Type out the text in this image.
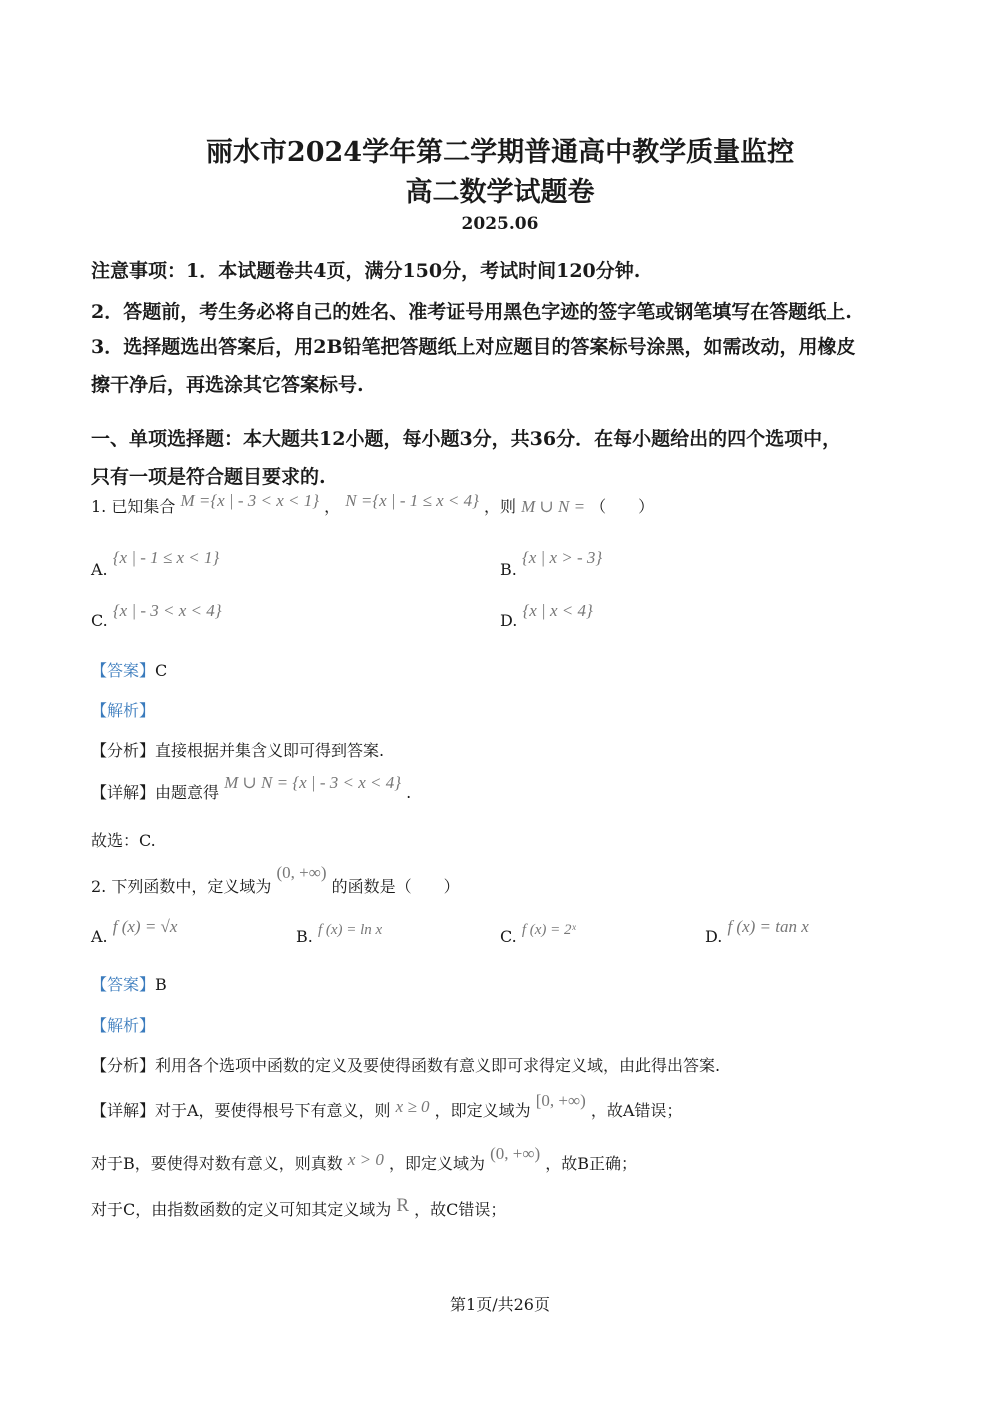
丽水市2024学年第二学期普通高中教学质量监控
高二数学试题卷
2025.06
注意事项：1．本试题卷共4页，满分150分，考试时间120分钟.
2．答题前，考生务必将自己的姓名、准考证号用黑色字迹的签字笔或钢笔填写在答题纸上.
3．选择题选出答案后，用2B铅笔把答题纸上对应题目的答案标号涂黑，如需改动，用橡皮
擦干净后，再选涂其它答案标号.
一、单项选择题：本大题共12小题，每小题3分，共36分．在每小题给出的四个选项中，
只有一项是符合题目要求的.
1. 已知集合 M ={x | - 3 < x < 1} ， N ={x | - 1 ≤ x < 4} ，则 M ∪ N = （　　）
A. {x | - 1 ≤ x < 1}
B. {x | x > - 3}
C. {x | - 3 < x < 4}
D. {x | x < 4}
【答案】C
【解析】
【分析】直接根据并集含义即可得到答案.
【详解】由题意得 M ∪ N = {x | - 3 < x < 4} .
故选：C.
2. 下列函数中，定义域为 (0, +∞) 的函数是（　　）
A. f (x) = √x
B. f (x) = ln x	C. f (x) = 2ˣ	D. f (x) = tan x
【答案】B
【解析】
【分析】利用各个选项中函数的定义及要使得函数有意义即可求得定义域，由此得出答案.
【详解】对于A，要使得根号下有意义，则 x ≥ 0 ，即定义域为 [0, +∞) ，故A错误；
对于B，要使得对数有意义，则真数 x > 0 ，即定义域为 (0, +∞) ，故B正确；
对于C，由指数函数的定义可知其定义域为 R ，故C错误；
第1页/共26页
